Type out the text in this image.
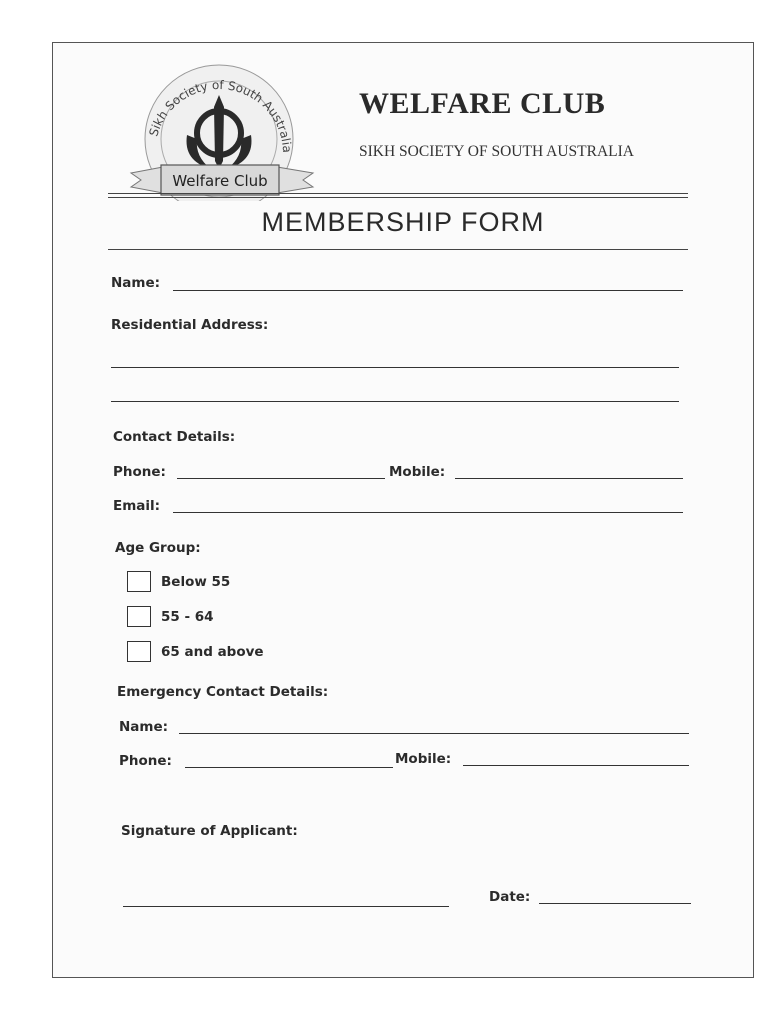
Sikh Society of South Australia
Welfare Club
WELFARE CLUB
SIKH SOCIETY OF SOUTH AUSTRALIA
MEMBERSHIP FORM
Name:
Residential Address:
Contact Details:
Phone:	Mobile:
Email:
Age Group:
Below 55
55 - 64
65 and above
Emergency Contact Details:
Name:
Phone:	Mobile:
Signature of Applicant:
Date:
